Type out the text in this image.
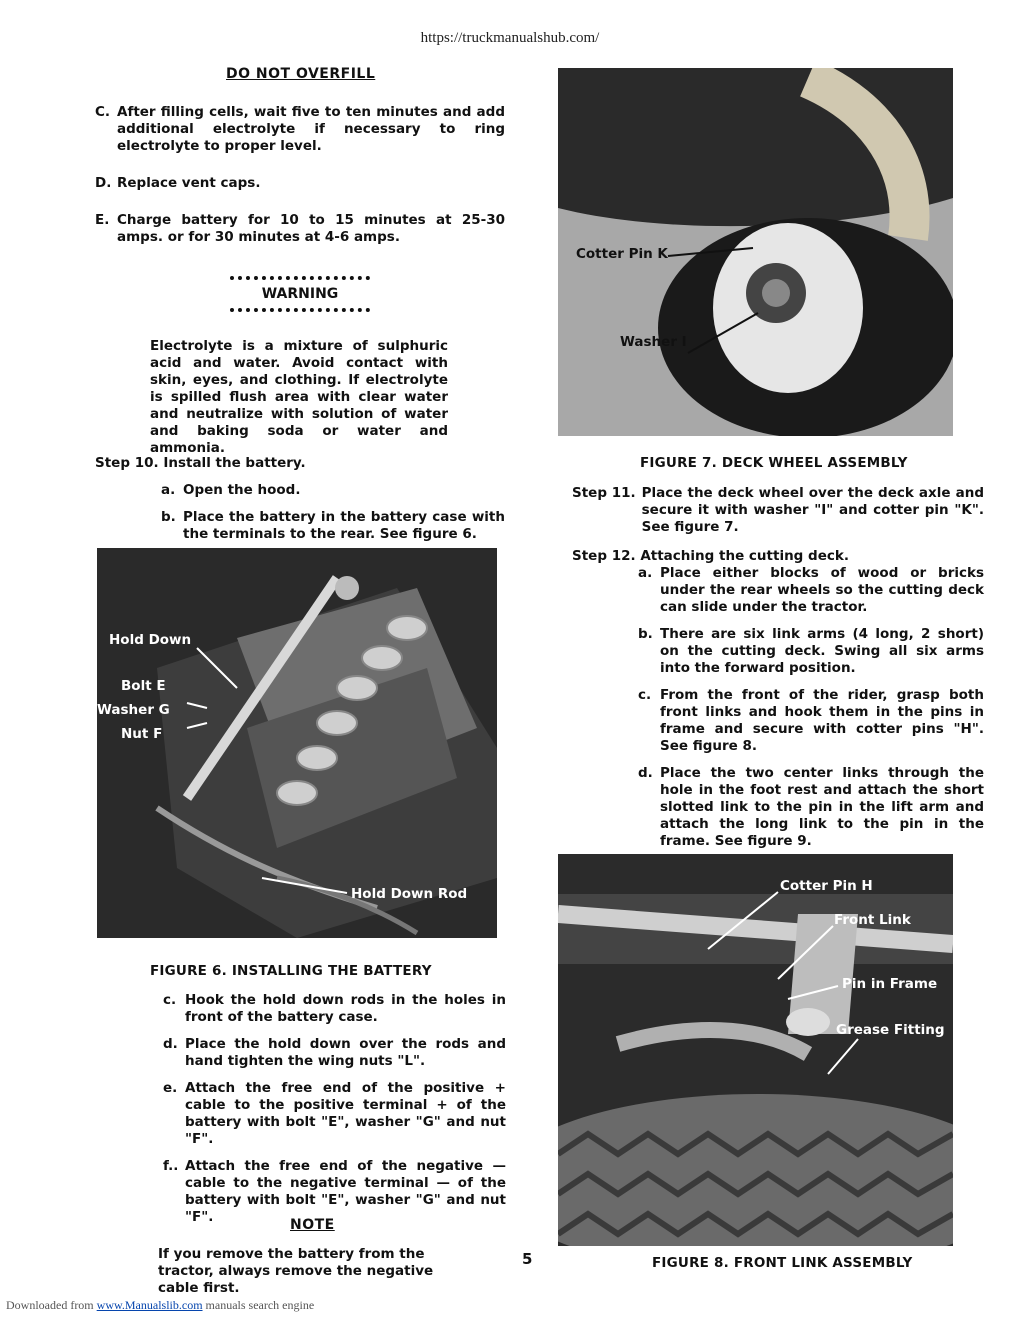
https://truckmanualshub.com/
DO NOT OVERFILL
C. After filling cells, wait five to ten minutes and add additional electrolyte if necessary to ring electrolyte to proper level.
D. Replace vent caps.
E. Charge battery for 10 to 15 minutes at 25-30 amps. or for 30 minutes at 4-6 amps.
WARNING
Electrolyte is a mixture of sulphuric acid and water. Avoid contact with skin, eyes, and clothing. If electrolyte is spilled flush area with clear water and neutralize with solution of water and baking soda or water and ammonia.
Step 10. Install the battery.
a. Open the hood.
b. Place the battery in the battery case with the terminals to the rear. See figure 6.
Hold Down
Bolt E
Washer G
Nut F
Hold Down Rod
FIGURE 6. INSTALLING THE BATTERY
c. Hook the hold down rods in the holes in front of the battery case.
d. Place the hold down over the rods and hand tighten the wing nuts "L".
e. Attach the free end of the positive + cable to the positive terminal + of the battery with bolt "E", washer "G" and nut "F".
f.. Attach the free end of the negative — cable to the negative terminal — of the battery with bolt "E", washer "G" and nut "F".	NOTE
If you remove the battery from the tractor, always remove the negative cable first.
5
Cotter Pin K
Washer I
FIGURE 7. DECK WHEEL ASSEMBLY
Step 11. Place the deck wheel over the deck axle and secure it with washer "I" and cotter pin "K". See figure 7.
Step 12. Attaching the cutting deck.
a. Place either blocks of wood or bricks under the rear wheels so the cutting deck can slide under the tractor.
b. There are six link arms (4 long, 2 short) on the cutting deck. Swing all six arms into the forward position.
c. From the front of the rider, grasp both front links and hook them in the pins in frame and secure with cotter pins "H". See figure 8.
d. Place the two center links through the hole in the foot rest and attach the short slotted link to the pin in the lift arm and attach the long link to the pin in the frame. See figure 9.
Cotter Pin H
Front Link
Pin in Frame
Grease Fitting
FIGURE 8. FRONT LINK ASSEMBLY
Downloaded from www.Manualslib.com manuals search engine
